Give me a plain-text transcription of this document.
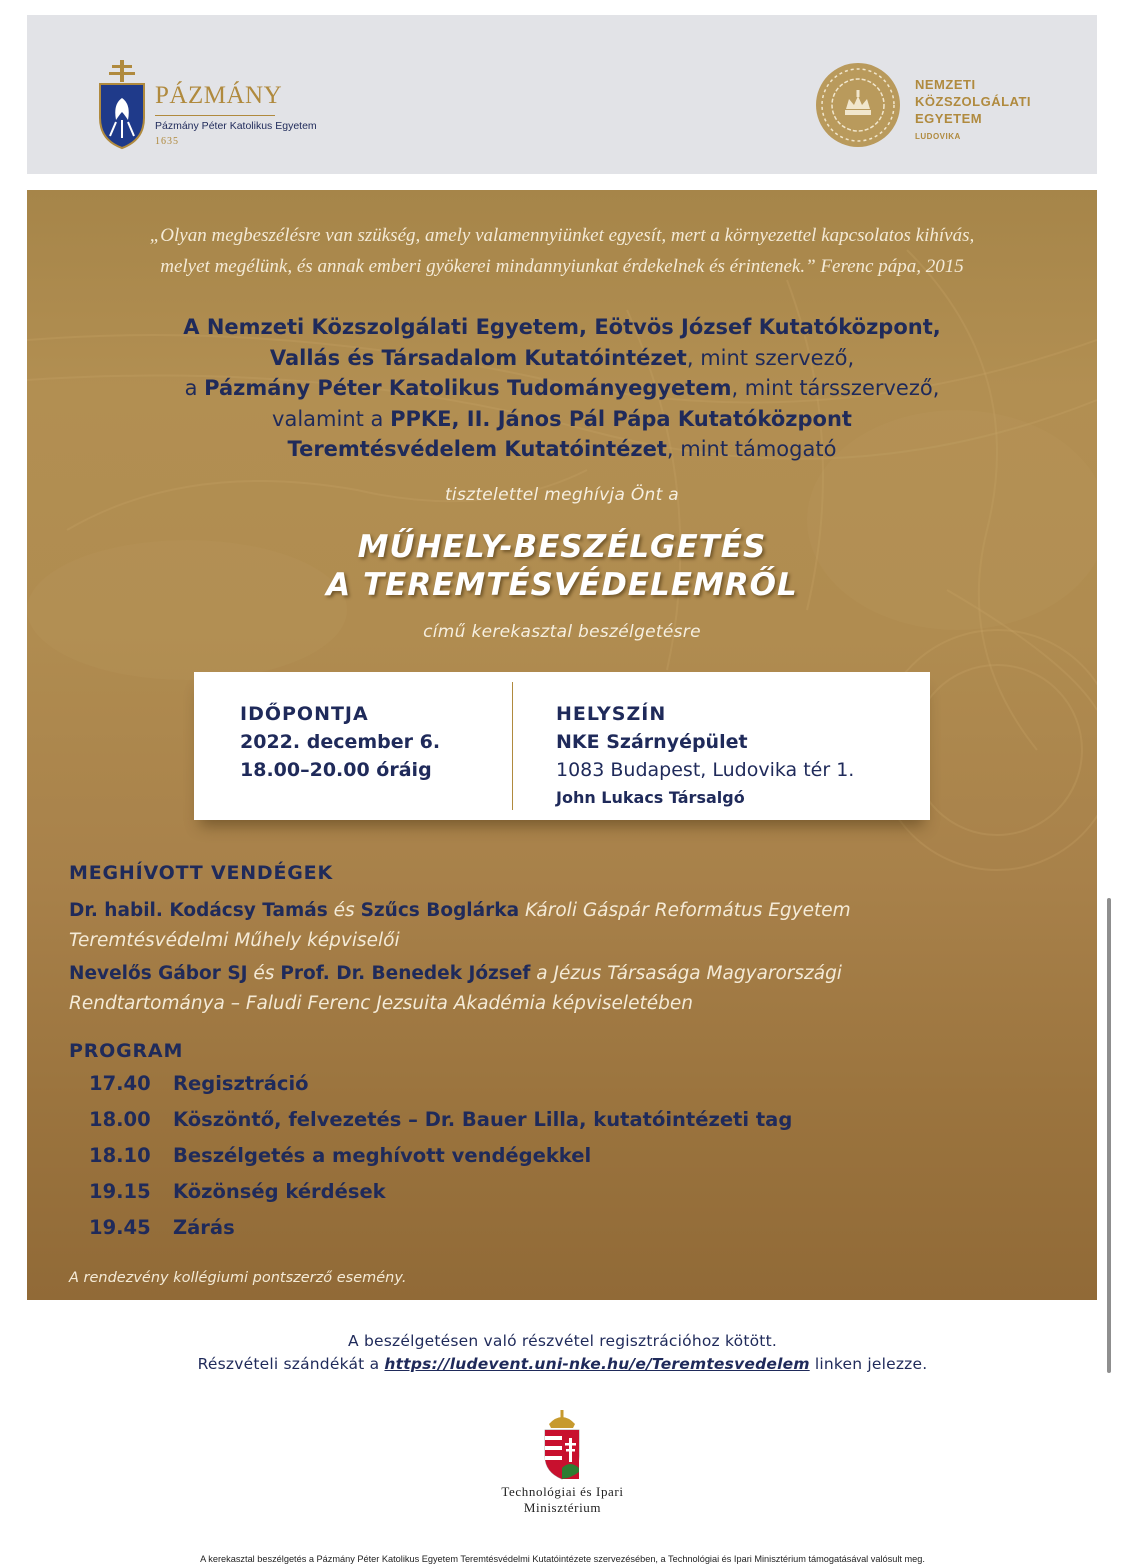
PÁZMÁNY
Pázmány Péter Katolikus Egyetem
1635
NEMZETI
KÖZSZOLGÁLATI
EGYETEM
LUDOVIKA
„Olyan megbeszélésre van szükség, amely valamennyiünket egyesít, mert a környezettel kapcsolatos kihívás,
melyet megélünk, és annak emberi gyökerei mindannyiunkat érdekelnek és érintenek.” Ferenc pápa, 2015
A Nemzeti Közszolgálati Egyetem, Eötvös József Kutatóközpont,
Vallás és Társadalom Kutatóintézet, mint szervező,
a Pázmány Péter Katolikus Tudományegyetem, mint társszervező,
valamint a PPKE, II. János Pál Pápa Kutatóközpont
Teremtésvédelem Kutatóintézet, mint támogató
tisztelettel meghívja Önt a
MŰHELY-BESZÉLGETÉS
A TEREMTÉSVÉDELEMRŐL
című kerekasztal beszélgetésre
IDŐPONTJA
2022. december 6.
18.00–20.00 óráig
HELYSZÍN
NKE Szárnyépület
1083 Budapest, Ludovika tér 1.
John Lukacs Társalgó
MEGHÍVOTT VENDÉGEK
Dr. habil. Kodácsy Tamás és Szűcs Boglárka Károli Gáspár Református Egyetem
Teremtésvédelmi Műhely képviselői
Nevelős Gábor SJ és Prof. Dr. Benedek József a Jézus Társasága Magyarországi
Rendtartománya – Faludi Ferenc Jezsuita Akadémia képviseletében
PROGRAM
17.40 Regisztráció
18.00 Köszöntő, felvezetés – Dr. Bauer Lilla, kutatóintézeti tag
18.10 Beszélgetés a meghívott vendégekkel
19.15 Közönség kérdések
19.45 Zárás
A rendezvény kollégiumi pontszerző esemény.
A beszélgetésen való részvétel regisztrációhoz kötött.
Részvételi szándékát a https://ludevent.uni-nke.hu/e/Teremtesvedelem linken jelezze.
Technológiai és Ipari
Minisztérium
A kerekasztal beszélgetés a Pázmány Péter Katolikus Egyetem Teremtésvédelmi Kutatóintézete szervezésében, a Technológiai és Ipari Minisztérium támogatásával valósult meg.
